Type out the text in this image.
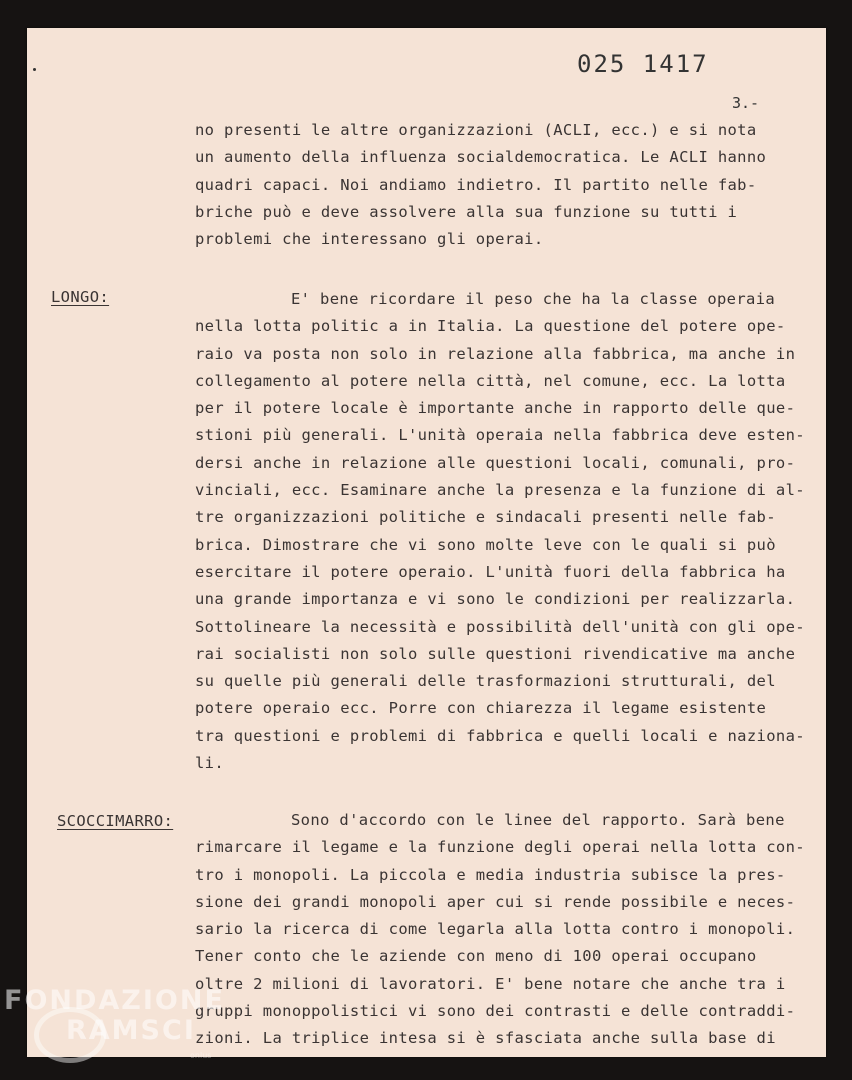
025 1417
3.-
no presenti le altre organizzazioni (ACLI, ecc.) e si nota
un aumento della influenza socialdemocratica. Le ACLI hanno
quadri capaci. Noi andiamo indietro. Il partito nelle fab-
briche può e deve assolvere alla sua funzione su tutti i
problemi che interessano gli operai.
LONGO:	E' bene ricordare il peso che ha la classe operaia
nella lotta politic a in Italia. La questione del potere ope-
raio va posta non solo in relazione alla fabbrica, ma anche in
collegamento al potere nella città, nel comune, ecc. La lotta
per il potere locale è importante anche in rapporto delle que-
stioni più generali. L'unità operaia nella fabbrica deve esten-
dersi anche in relazione alle questioni locali, comunali, pro-
vinciali, ecc. Esaminare anche la presenza e la funzione di al-
tre organizzazioni politiche e sindacali presenti nelle fab-
brica. Dimostrare che vi sono molte leve con le quali si può
esercitare il potere operaio. L'unità fuori della fabbrica ha
una grande importanza e vi sono le condizioni per realizzarla.
Sottolineare la necessità e possibilità dell'unità con gli ope-
rai socialisti non solo sulle questioni rivendicative ma anche
su quelle più generali delle trasformazioni strutturali, del
potere operaio ecc. Porre con chiarezza il legame esistente
tra questioni e problemi di fabbrica e quelli locali e naziona-
li.
SCOCCIMARRO:	Sono d'accordo con le linee del rapporto. Sarà bene
rimarcare il legame e la funzione degli operai nella lotta con-
tro i monopoli. La piccola e media industria subisce la pres-
sione dei grandi monopoli aper cui si rende possibile e neces-
sario la ricerca di come legarla alla lotta contro i monopoli.
Tener conto che le aziende con meno di 100 operai occupano
oltre 2 milioni di lavoratori. E' bene notare che anche tra i
gruppi monoppolistici vi sono dei contrasti e delle contraddi-
zioni. La triplice intesa si è sfasciata anche sulla base di
FONDAZIONE
RAMSCI
onlus
